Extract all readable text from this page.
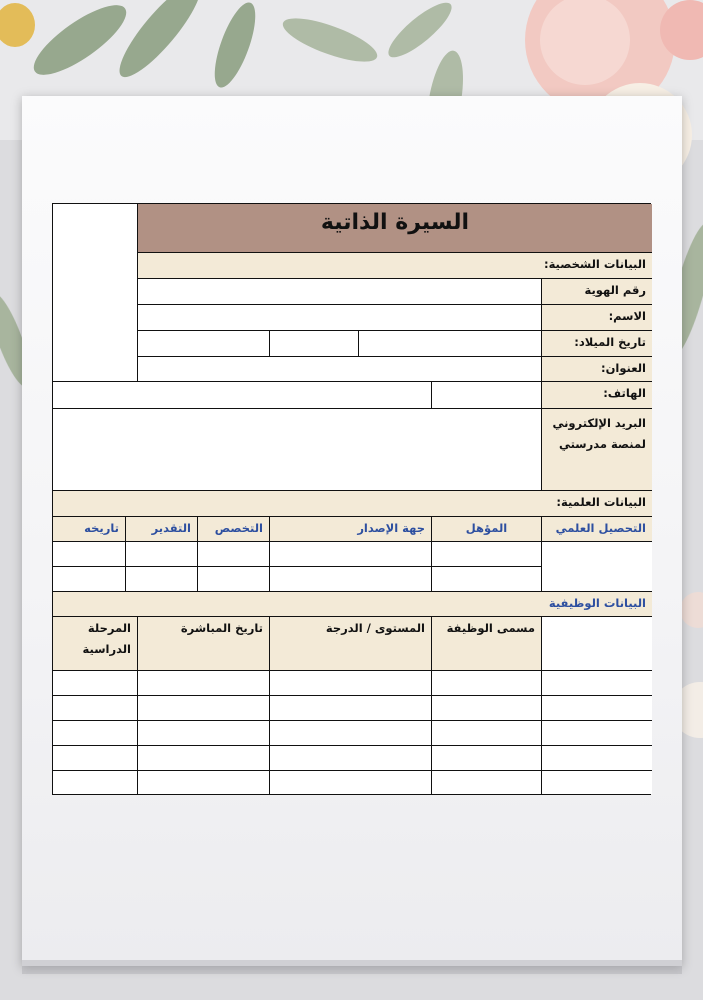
السيرة الذاتية
البيانات الشخصية:
رقم الهوية
الاسم:
تاريخ الميلاد:
العنوان:
الهاتف:
البريد الإلكتروني لمنصة مدرستي
البيانات العلمية:
التحصيل العلمي
المؤهل
جهة الإصدار
التخصص
التقدير
تاريخه
البيانات الوظيفية
مسمى الوظيفة
المستوى / الدرجة
تاريخ المباشرة
المرحلة الدراسية
